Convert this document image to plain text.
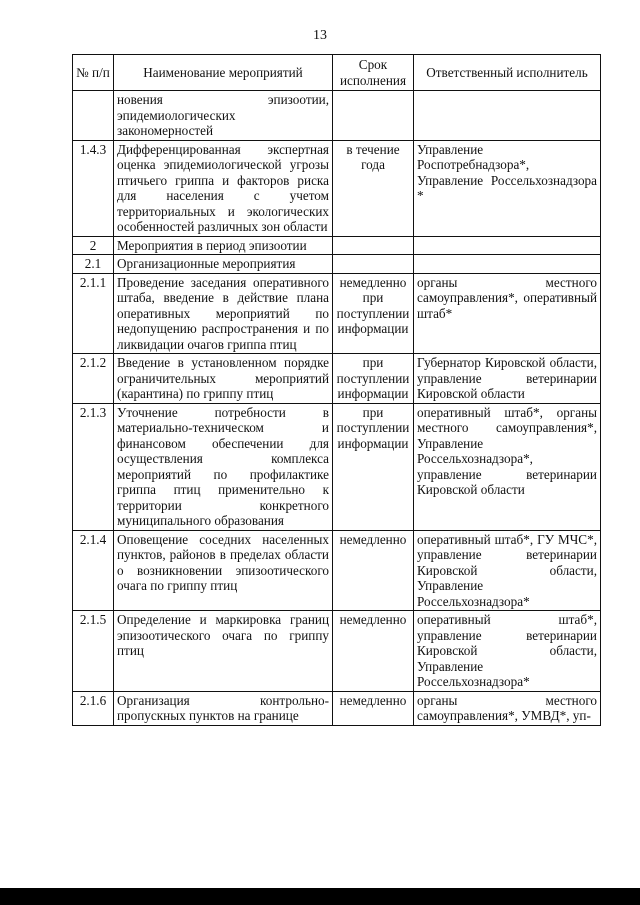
13
№ п/п	Наименование мероприятий	Срок исполнения	Ответственный исполнитель
	новения эпизоотии, эпидемиологических закономерностей		
1.4.3	Дифференцированная экспертная оценка эпидемиологической угрозы птичьего гриппа и факторов риска для населения с учетом территориальных и экологических особенностей различных зон области	в течение года	Управление Роспотребнадзора*, Управление Россельхознадзора *
2	Мероприятия в период эпизоотии		
2.1	Организационные мероприятия		
2.1.1	Проведение заседания оперативного штаба, введение в действие плана оперативных мероприятий по недопущению распространения и по ликвидации очагов гриппа птиц	немедленно при поступлении информации	органы местного самоуправления*, оперативный штаб*
2.1.2	Введение в установленном порядке ограничительных мероприятий (карантина) по гриппу птиц	при поступлении информации	Губернатор Кировской области, управление ветеринарии Кировской области
2.1.3	Уточнение потребности в материально-техническом и финансовом обеспечении для осуществления комплекса мероприятий по профилактике гриппа птиц применительно к территории конкретного муниципального образования	при поступлении информации	оперативный штаб*, органы местного самоуправления*, Управление Россельхознадзора*, управление ветеринарии Кировской области
2.1.4	Оповещение соседних населенных пунктов, районов в пределах области о возникновении эпизоотического очага по гриппу птиц	немедленно	оперативный штаб*, ГУ МЧС*, управление ветеринарии Кировской области, Управление Россельхознадзора*
2.1.5	Определение и маркировка границ эпизоотического очага по гриппу птиц	немедленно	оперативный штаб*, управление ветеринарии Кировской области, Управление Россельхознадзора*
2.1.6	Организация контрольно-пропускных пунктов на границе	немедленно	органы местного самоуправления*, УМВД*, уп-
